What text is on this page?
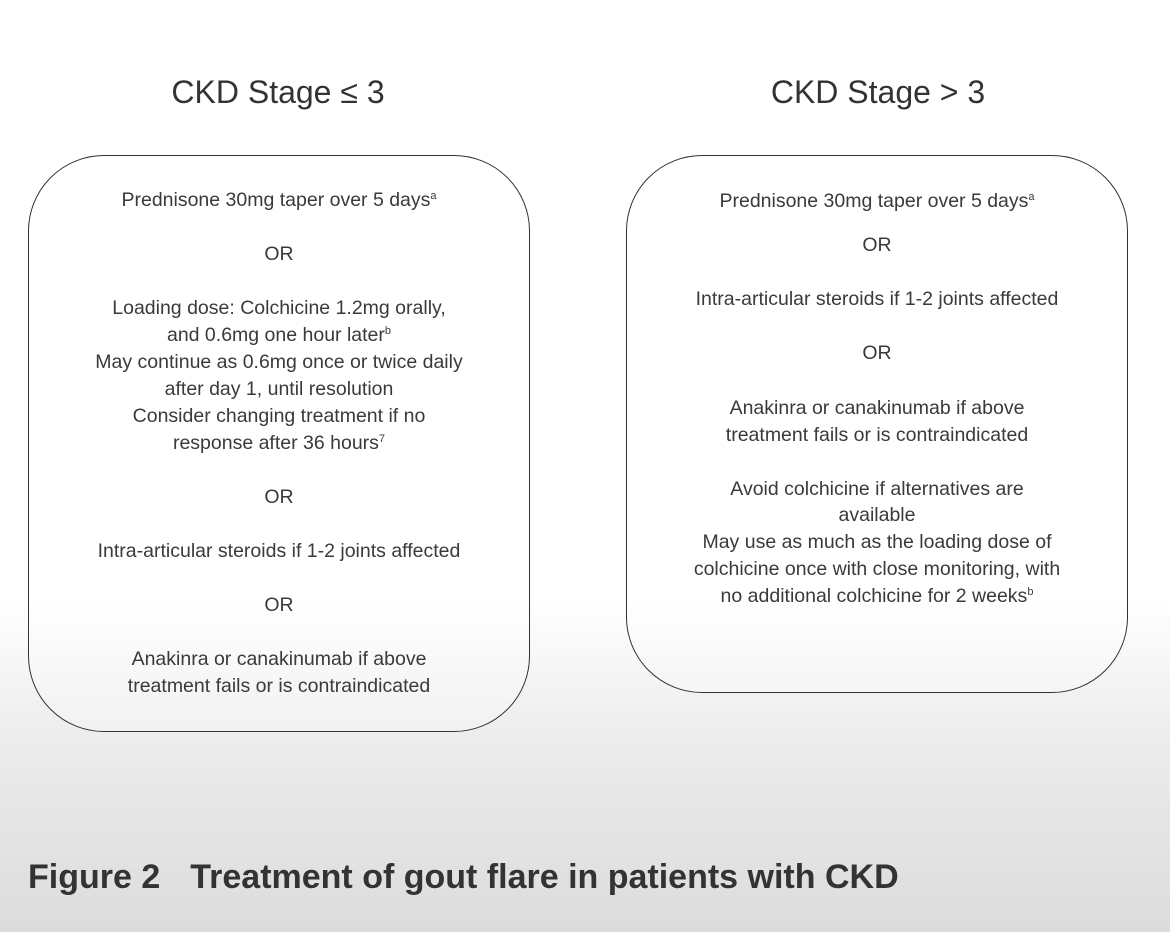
CKD Stage ≤ 3	CKD Stage > 3
Prednisone 30mg taper over 5 days$^a$
OR
Loading dose: Colchicine 1.2mg orally,
and 0.6mg one hour later$^b$
May continue as 0.6mg once or twice daily
after day 1, until resolution
Consider changing treatment if no
response after 36 hours$^7$
OR
Intra-articular steroids if 1-2 joints affected
OR
Anakinra or canakinumab if above
treatment fails or is contraindicated
Prednisone 30mg taper over 5 days$^a$
OR
Intra-articular steroids if 1-2 joints affected
OR
Anakinra or canakinumab if above
treatment fails or is contraindicated
Avoid colchicine if alternatives are
available
May use as much as the loading dose of
colchicine once with close monitoring, with
no additional colchicine for 2 weeks$^b$
Figure 2 Treatment of gout flare in patients with CKD
